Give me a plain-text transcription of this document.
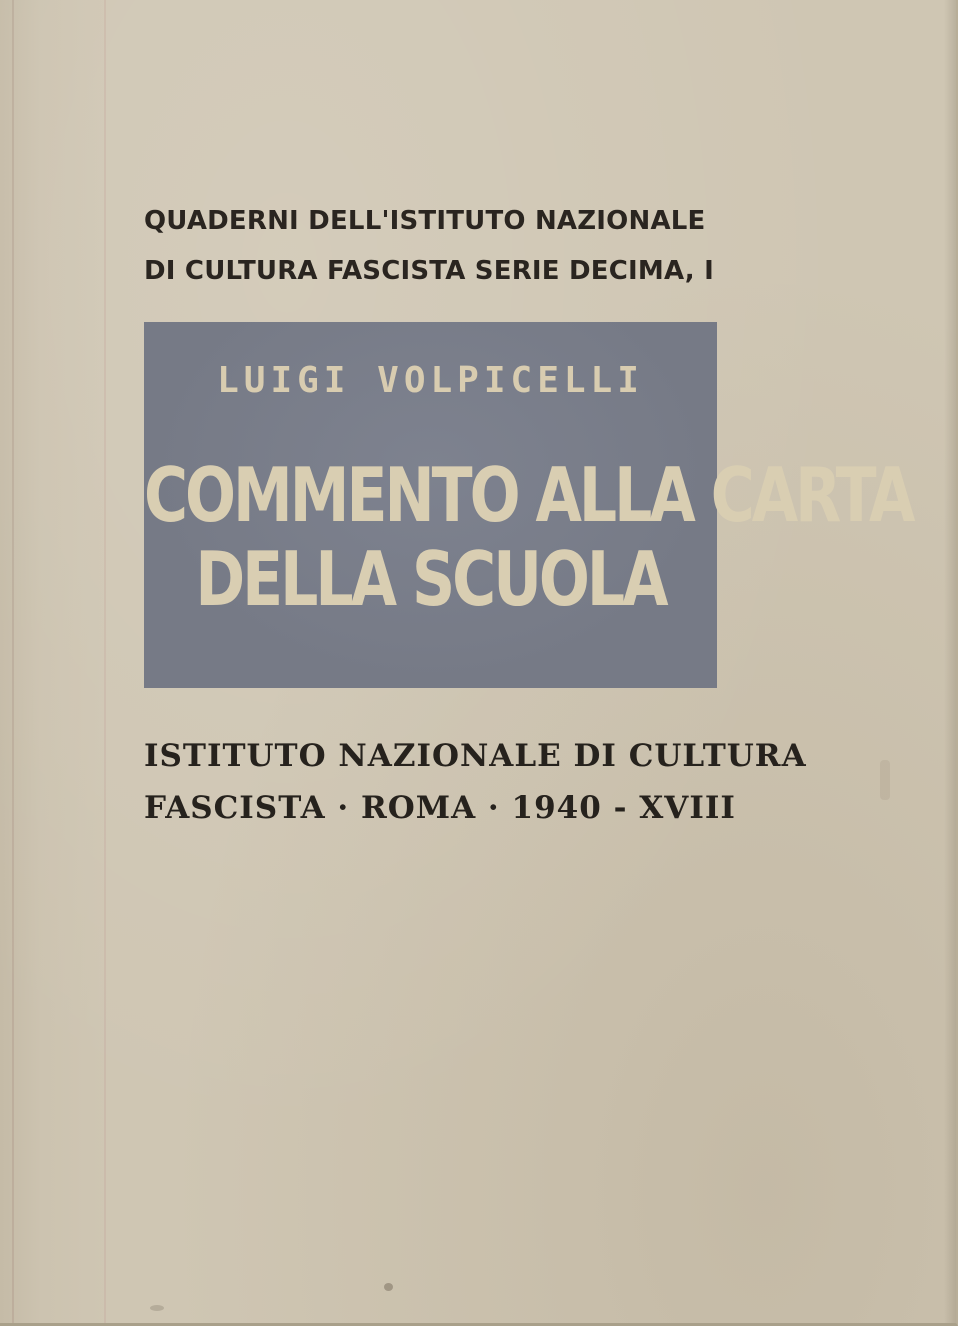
QUADERNI DELL'ISTITUTO NAZIONALE
DI CULTURA FASCISTA SERIE DECIMA, I
LUIGI VOLPICELLI
COMMENTO ALLA CARTA
DELLA SCUOLA
ISTITUTO NAZIONALE DI CULTURA
FASCISTA · ROMA · 1940 - XVIII
